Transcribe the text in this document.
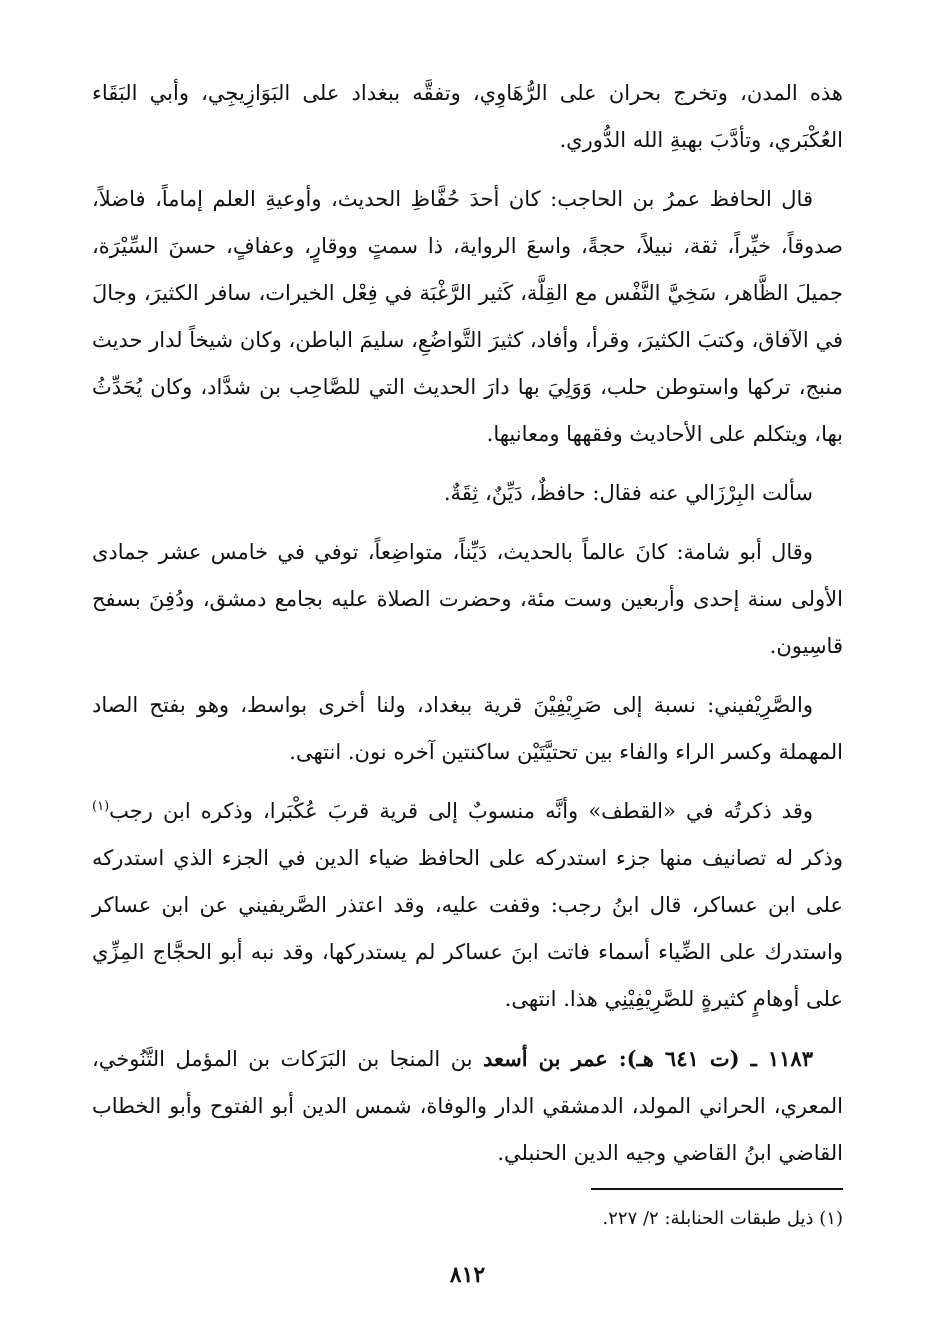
هذه المدن، وتخرج بحران على الرُّهَاوِي، وتفقَّه ببغداد على البَوَازِيجِي، وأبي البَقَاء العُكْبَري، وتأدَّبَ بهبةِ الله الدُّوري.

قال الحافظ عمرُ بن الحاجب: كان أحدَ حُفَّاظِ الحديث، وأوعيةِ العلم إماماً، فاضلاً، صدوقاً، خيِّراً، ثقة، نبيلاً، حجةً، واسعَ الرواية، ذا سمتٍ ووقارٍ، وعفافٍ، حسنَ السِّيْرَة، جميلَ الظَّاهر، سَخِيَّ النَّفْس مع القِلَّة، كَثير الرَّغْبَة في فِعْل الخيرات، سافر الكثيرَ، وجالَ في الآفاق، وكتبَ الكثيرَ، وقرأ، وأفاد، كثيرَ التَّواضُعِ، سليمَ الباطن، وكان شيخاً لدار حديث منبج، تركها واستوطن حلب، وَوَلِيَ بها دارَ الحديث التي للصَّاحِب بن شدَّاد، وكان يُحَدِّثُ بها، ويتكلم على الأحاديث وفقهها ومعانيها.

سألت البِرْزَالي عنه فقال: حافظٌ، دَيِّنٌ، ثِقَةٌ.

وقال أبو شامة: كانَ عالماً بالحديث، دَيِّناً، متواضِعاً، توفي في خامس عشر جمادى الأولى سنة إحدى وأربعين وست مئة، وحضرت الصلاة عليه بجامع دمشق، ودُفِنَ بسفح قاسِيون.

والصَّرِيْفيني: نسبة إلى صَرِيْفِيْنَ قرية ببغداد، ولنا أخرى بواسط، وهو بفتح الصاد المهملة وكسر الراء والفاء بين تحتيَّتَيْن ساكنتين آخره نون. انتهى.

وقد ذكرتُه في «القطف» وأنَّه منسوبٌ إلى قرية قربَ عُكْبَرا، وذكره ابن رجب$^{(١)}$ وذكر له تصانيف منها جزء استدركه على الحافظ ضياء الدين في الجزء الذي استدركه على ابن عساكر، قال ابنُ رجب: وقفت عليه، وقد اعتذر الصَّريفيني عن ابن عساكر واستدرك على الضِّياء أسماء فاتت ابنَ عساكر لم يستدركها، وقد نبه أبو الحجَّاج المِزِّي على أوهامٍ كثيرةٍ للصَّرِيْفِيْنِي هذا. انتهى.

١١٨٣ ـ (ت ٦٤١ هـ): عمر بن أسعد بن المنجا بن البَرَكات بن المؤمل التَّنُوخي، المعري، الحراني المولد، الدمشقي الدار والوفاة، شمس الدين أبو الفتوح وأبو الخطاب القاضي ابنُ القاضي وجيه الدين الحنبلي.

(١) ذيل طبقات الحنابلة: ٢/ ٢٢٧.
٨١٢
